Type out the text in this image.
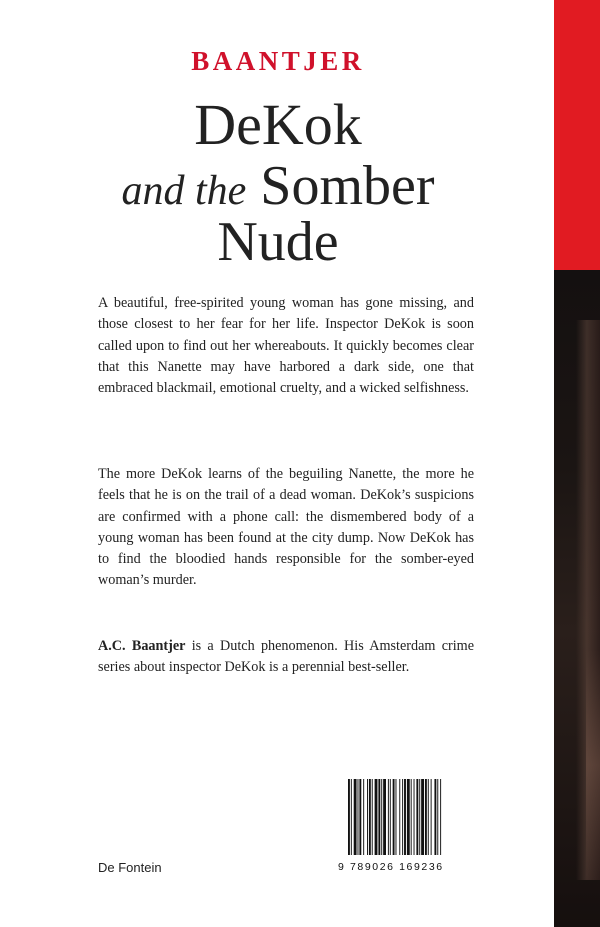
BAANTJER
DeKok
and the Somber
Nude

A beautiful, free-spirited young woman has gone missing, and those closest to her fear for her life. Inspector DeKok is soon called upon to find out her whereabouts. It quickly becomes clear that this Nanette may have harbored a dark side, one that embraced blackmail, emotional cruelty, and a wicked selfishness.

The more DeKok learns of the beguiling Nanette, the more he feels that he is on the trail of a dead woman. DeKok’s suspicions are confirmed with a phone call: the dismembered body of a young woman has been found at the city dump. Now DeKok has to find the bloodied hands responsible for the somber-eyed woman’s murder.

A.C. Baantjer is a Dutch phenomenon. His Amsterdam crime series about inspector DeKok is a perennial best-seller.

De Fontein	9 789026 169236
